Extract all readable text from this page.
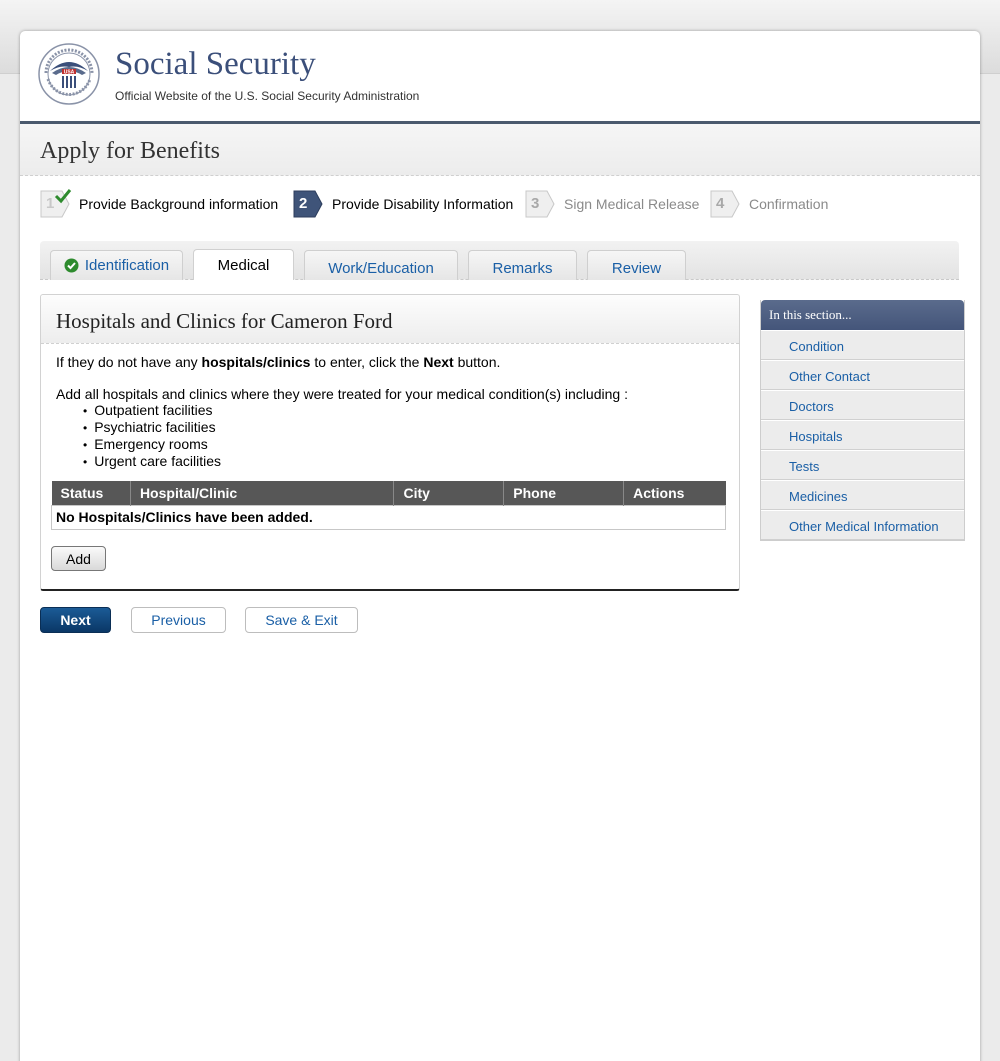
USA Social Security
Official Website of the U.S. Social Security Administration
Apply for Benefits
1 Provide Background information 2 Provide Disability Information 3 Sign Medical Release 4 Confirmation
Identification	Medical	Work/Education	Remarks	Review
Hospitals and Clinics for Cameron Ford
If they do not have any hospitals/clinics to enter, click the Next button.
Add all hospitals and clinics where they were treated for your medical condition(s) including :
• Outpatient facilities
• Psychiatric facilities
• Emergency rooms
• Urgent care facilities
Status	Hospital/Clinic	City	Phone	Actions
No Hospitals/Clinics have been added.
Add
Next	Previous	Save & Exit
In this section...
Condition
Other Contact
Doctors
Hospitals
Tests
Medicines
Other Medical Information
